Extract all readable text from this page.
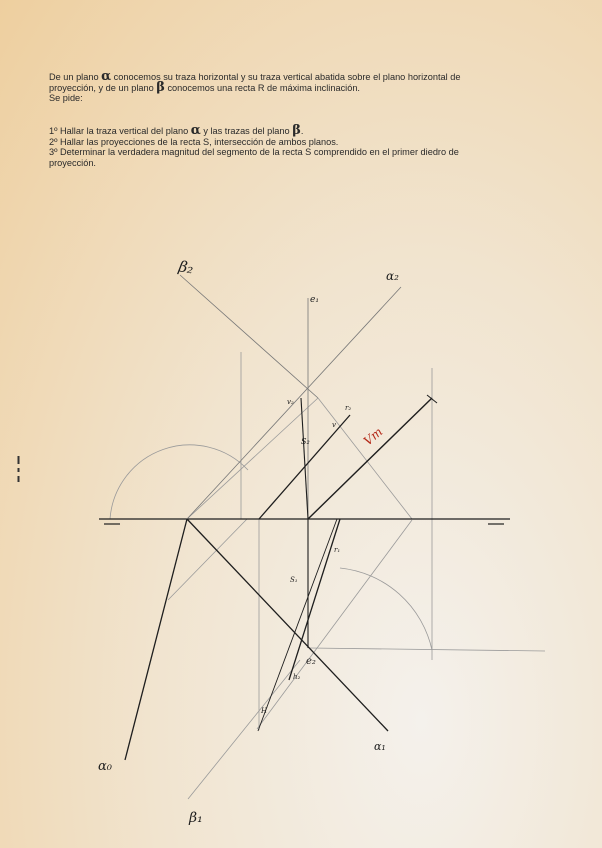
De un plano α conocemos su traza horizontal y su traza vertical abatida sobre el plano horizontal de
proyección, y de un plano β conocemos una recta R de máxima inclinación.
Se pide:
1º Hallar la traza vertical del plano α y las trazas del plano β.
2º Hallar las proyecciones de la recta S, intersección de ambos planos.
3º Determinar la verdadera magnitud del segmento de la recta S comprendido en el primer diedro de
proyección.
β₂	α₂
e₁
v₂
r₂
v
S₂	Vm
r₁
S₁
e₂
h₂
H
α₀
α₁
β₁
